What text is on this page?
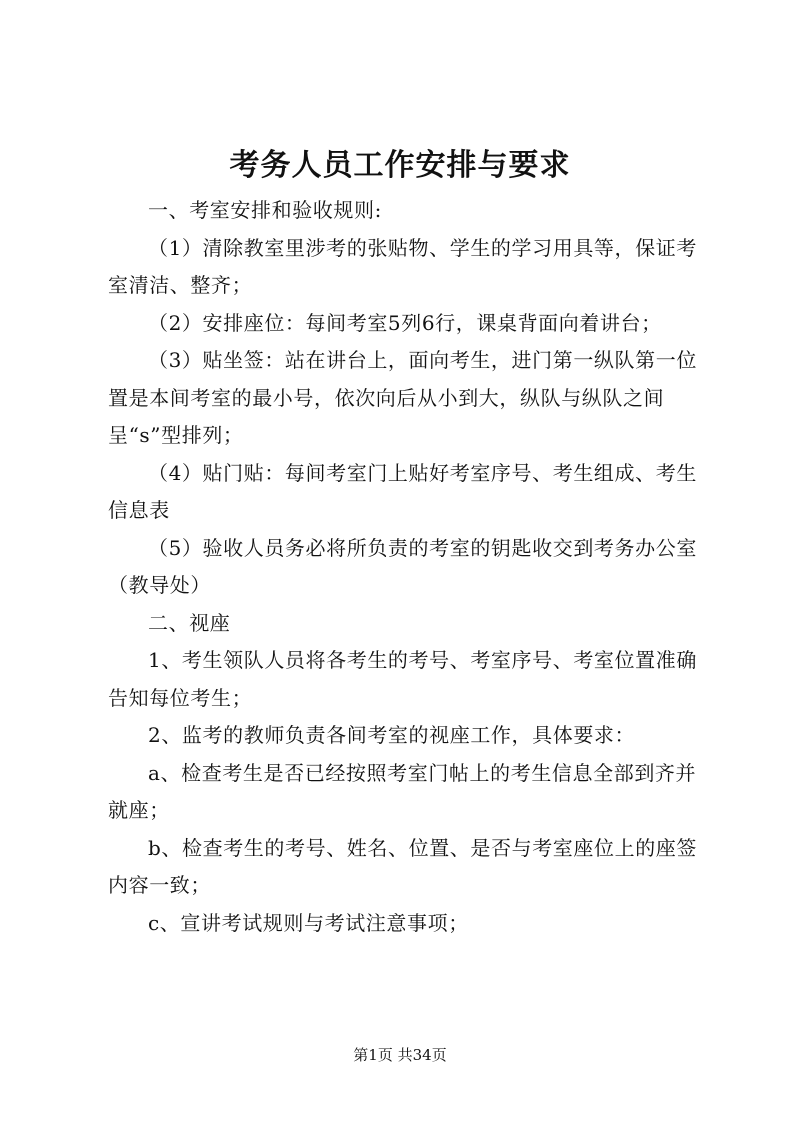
考务人员工作安排与要求

一、考室安排和验收规则:

（1）清除教室里涉考的张贴物、学生的学习用具等，保证考室清洁、整齐；

（2）安排座位：每间考室5列6行，课桌背面向着讲台；

（3）贴坐签：站在讲台上，面向考生，进门第一纵队第一位置是本间考室的最小号，依次向后从小到大，纵队与纵队之间呈“s”型排列；

（4）贴门贴：每间考室门上贴好考室序号、考生组成、考生信息表

（5）验收人员务必将所负责的考室的钥匙收交到考务办公室（教导处）

二、视座

1、考生领队人员将各考生的考号、考室序号、考室位置准确告知每位考生；

2、监考的教师负责各间考室的视座工作，具体要求：

a、检查考生是否已经按照考室门帖上的考生信息全部到齐并就座；

b、检查考生的考号、姓名、位置、是否与考室座位上的座签内容一致；

c、宣讲考试规则与考试注意事项；

第1页 共34页
